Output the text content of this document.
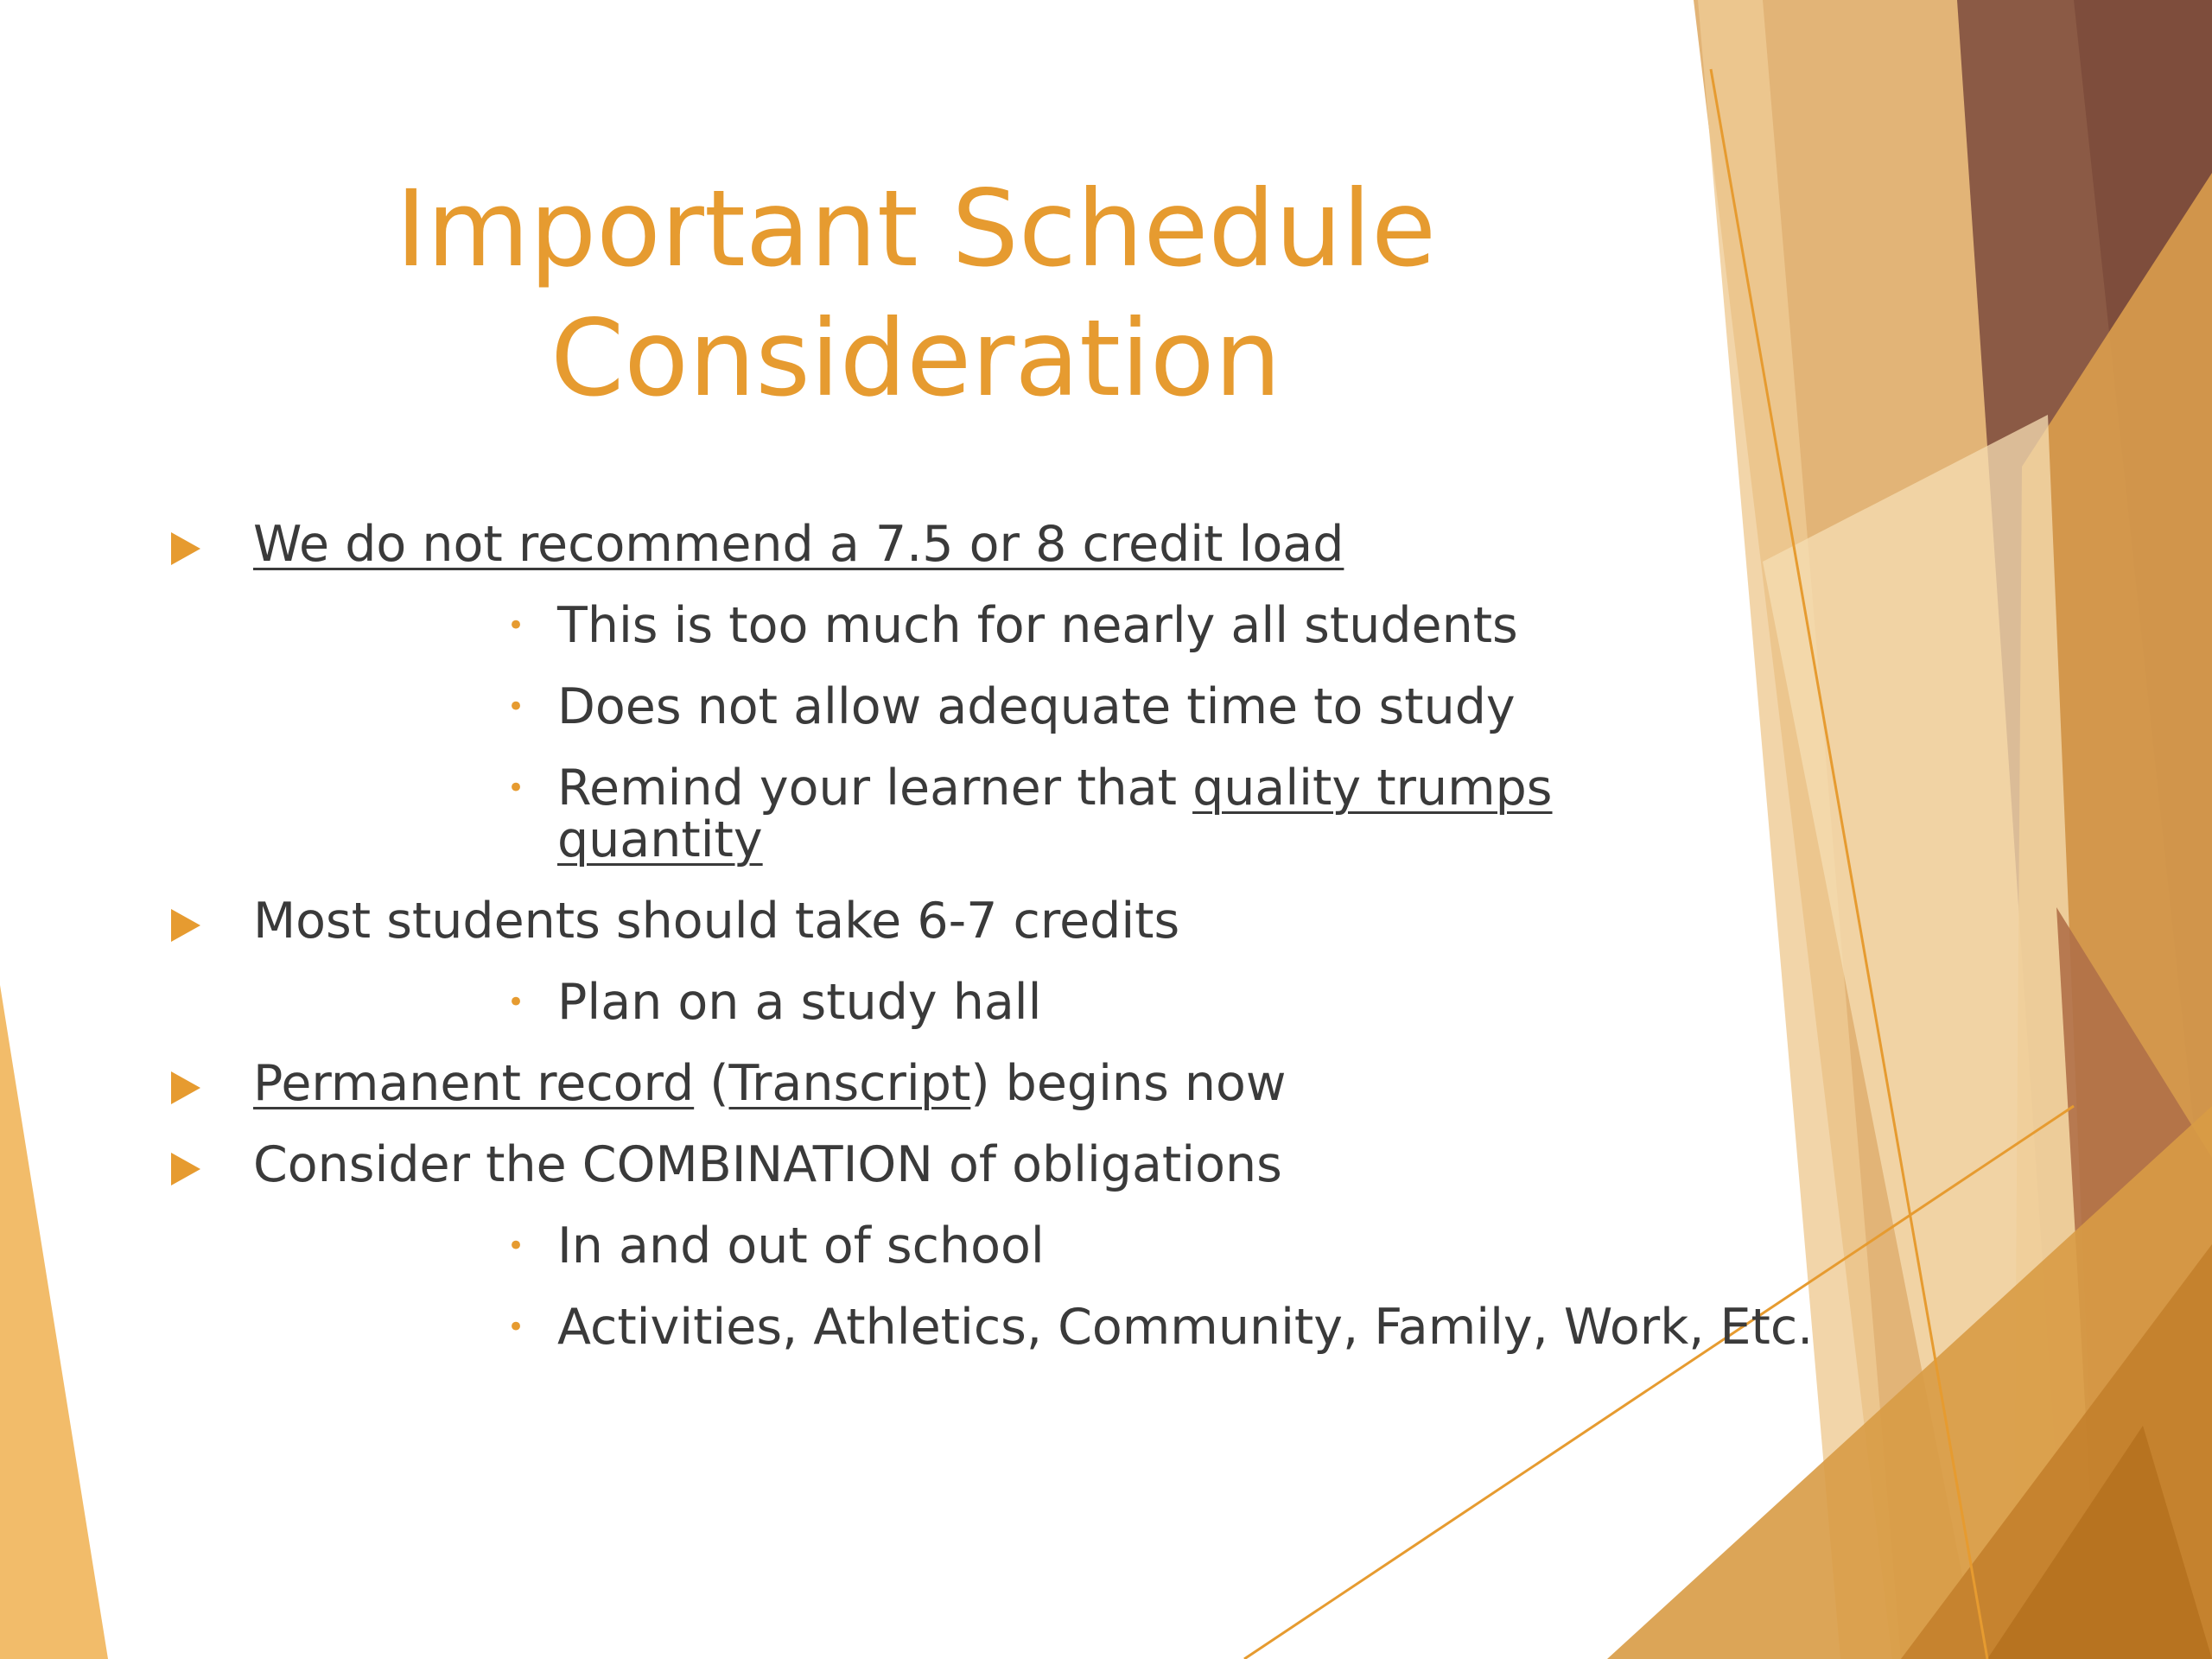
Important Schedule
Consideration
We do not recommend a 7.5 or 8 credit load
• This is too much for nearly all students
• Does not allow adequate time to study
• Remind your learner that quality trumps quantity
Most students should take 6-7 credits
• Plan on a study hall
Permanent record (Transcript) begins now
Consider the COMBINATION of obligations
• In and out of school
• Activities, Athletics, Community, Family, Work, Etc.
